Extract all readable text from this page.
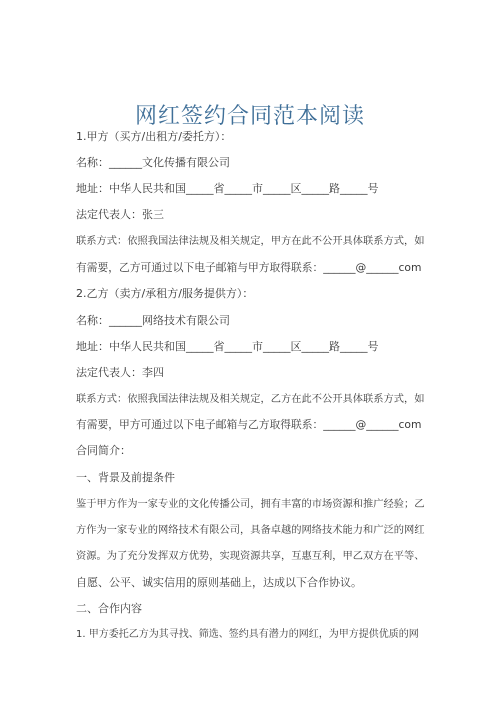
网红签约合同范本阅读
1.甲方（买方/出租方/委托方）：
名称：______文化传播有限公司
地址：中华人民共和国_____省_____市_____区_____路_____号
法定代表人：张三
联系方式：依照我国法律法规及相关规定，甲方在此不公开具体联系方式，如
有需要，乙方可通过以下电子邮箱与甲方取得联系：______@______com
2.乙方（卖方/承租方/服务提供方）：
名称：______网络技术有限公司
地址：中华人民共和国_____省_____市_____区_____路_____号
法定代表人：李四
联系方式：依照我国法律法规及相关规定，乙方在此不公开具体联系方式，如
有需要，甲方可通过以下电子邮箱与乙方取得联系：______@______com
合同简介：
一、背景及前提条件
鉴于甲方作为一家专业的文化传播公司，拥有丰富的市场资源和推广经验；乙
方作为一家专业的网络技术有限公司，具备卓越的网络技术能力和广泛的网红
资源。为了充分发挥双方优势，实现资源共享，互惠互利，甲乙双方在平等、
自愿、公平、诚实信用的原则基础上，达成以下合作协议。
二、合作内容
1. 甲方委托乙方为其寻找、筛选、签约具有潜力的网红，为甲方提供优质的网
